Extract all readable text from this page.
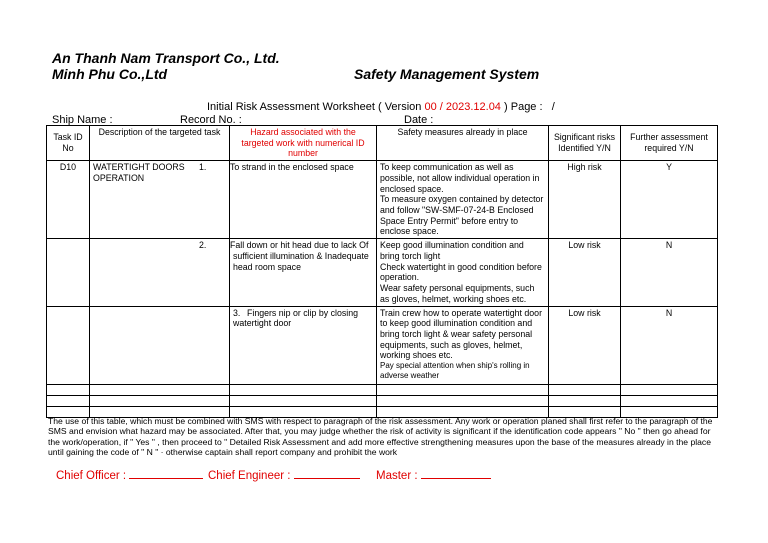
An Thanh Nam Transport Co., Ltd.
Minh Phu Co.,Ltd	Safety Management System
Initial Risk Assessment Worksheet ( Version 00 / 2023.12.04 ) Page : /
Ship Name :	Record No. :	Date :
Task ID No	Description of the targeted task	Hazard associated with the targeted work with numerical ID number	Safety measures already in place	Significant risks Identified Y/N	Further assessment required Y/N
D10	WATERTIGHT DOORS OPERATION	1. To strand in the enclosed space	To keep communication as well as possible, not allow individual operation in enclosed space.
To measure oxygen contained by detector and follow "SW-SMF-07-24-B Enclosed Space Entry Permit" before entry to enclose space.	High risk	Y
		2. Fall down or hit head due to lack Of sufficient illumination & Inadequate head room space	Keep good illumination condition and bring torch light
Check watertight in good condition before operation.
Wear safety personal equipments, such as gloves, helmet, working shoes etc.	Low risk	N
		3. Fingers nip or clip by closing watertight door	Train crew how to operate watertight door to keep good illumination condition and bring torch light & wear safety personal equipments, such as gloves, helmet, working shoes etc.
Pay special attention when ship's rolling in adverse weather	Low risk	N

The use of this table, which must be combined with SMS with respect to paragraph of the risk assessment. Any work or operation planed shall first refer to the paragraph of the SMS and envision what hazard may be associated. After that, you may judge whether the risk of activity is significant if the identification code appears " No " then go ahead for the work/operation, if " Yes " , then proceed to " Detailed Risk Assessment and add more effective strengthening measures upon the base of the measures already in the place until gaining the code of " N " · otherwise captain shall report company and prohibit the work
Chief Officer :	Chief Engineer :	Master :
